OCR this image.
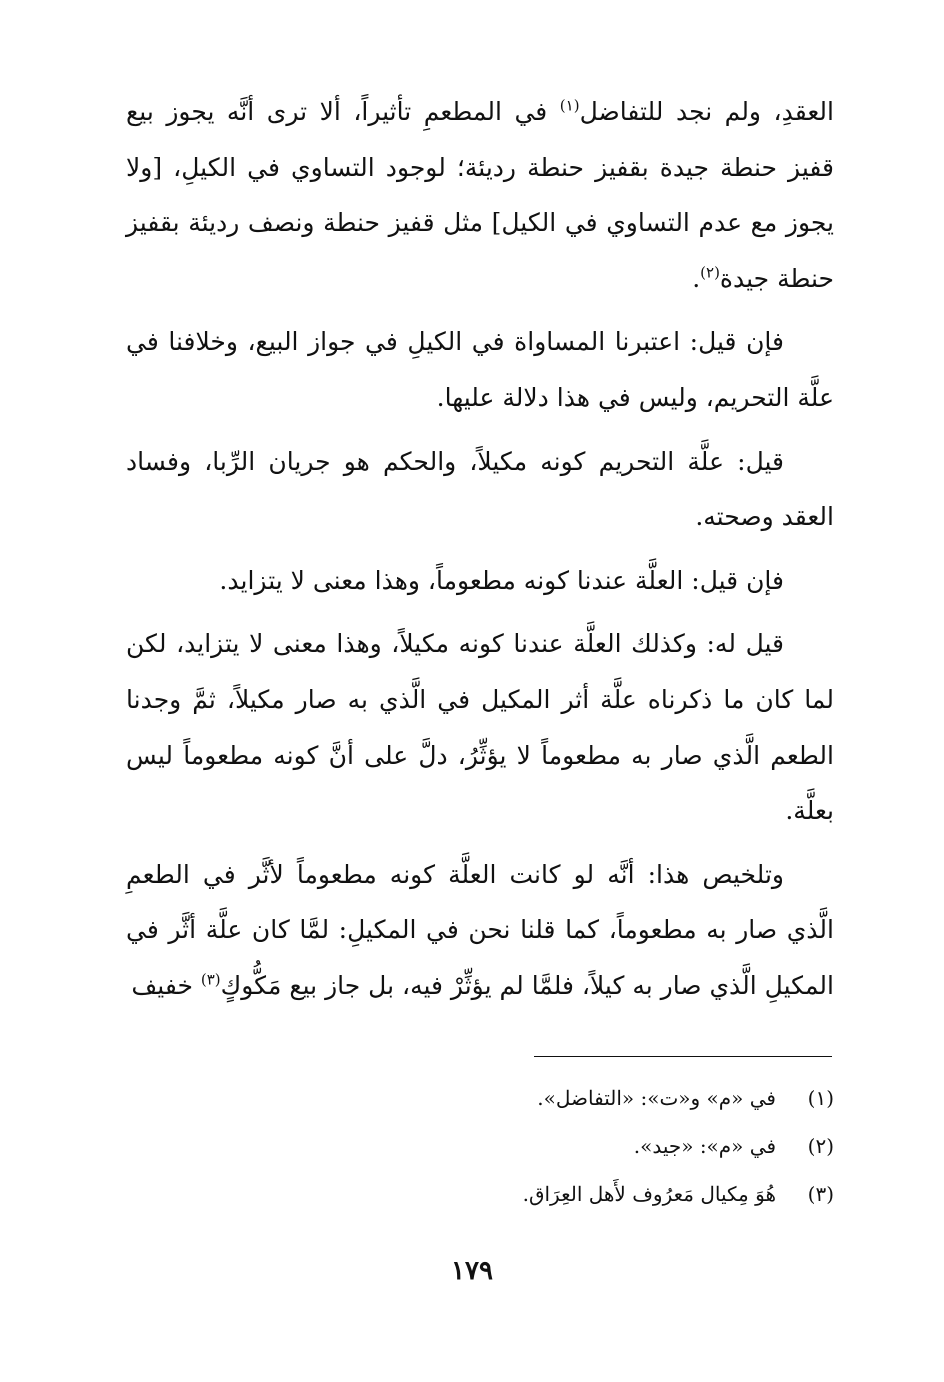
العقدِ، ولم نجد للتفاضل$^{(١)}$ في المطعمِ تأثيراً، ألا ترى أنَّه يجوز بيع قفيز حنطة جيدة بقفيز حنطة رديئة؛ لوجود التساوي في الكيلِ، [ولا يجوز مع عدم التساوي في الكيل] مثل قفيز حنطة ونصف رديئة بقفيز حنطة جيدة$^{(٢)}$.

فإن قيل: اعتبرنا المساواة في الكيلِ في جواز البيع، وخلافنا في علَّة التحريم، وليس في هذا دلالة عليها.

قيل: علَّة التحريم كونه مكيلاً، والحكم هو جريان الرِّبا، وفساد العقد وصحته.

فإن قيل: العلَّة عندنا كونه مطعوماً، وهذا معنى لا يتزايد.

قيل له: وكذلك العلَّة عندنا كونه مكيلاً، وهذا معنى لا يتزايد، لكن لما كان ما ذكرناه علَّة أثر المكيل في الَّذي به صار مكيلاً، ثمَّ وجدنا الطعم الَّذي صار به مطعوماً لا يؤثِّرُ، دلَّ على أنَّ كونه مطعوماً ليس بعلَّة.

وتلخيص هذا: أنَّه لو كانت العلَّة كونه مطعوماً لأثَّر في الطعمِ الَّذي صار به مطعوماً، كما قلنا نحن في المكيلِ: لمَّا كان علَّة أثَّر في المكيلِ الَّذي صار به كيلاً، فلمَّا لم يؤثِّرْ فيه، بل جاز بيع مَكُّوكٍ$^{(٣)}$ خفيف

(١)في «م» و«ت»: «التفاضل».
(٢)في «م»: «جيد».
(٣)هُوَ مِكيال مَعرُوف لأَهل العِرَاق.
١٧٩
